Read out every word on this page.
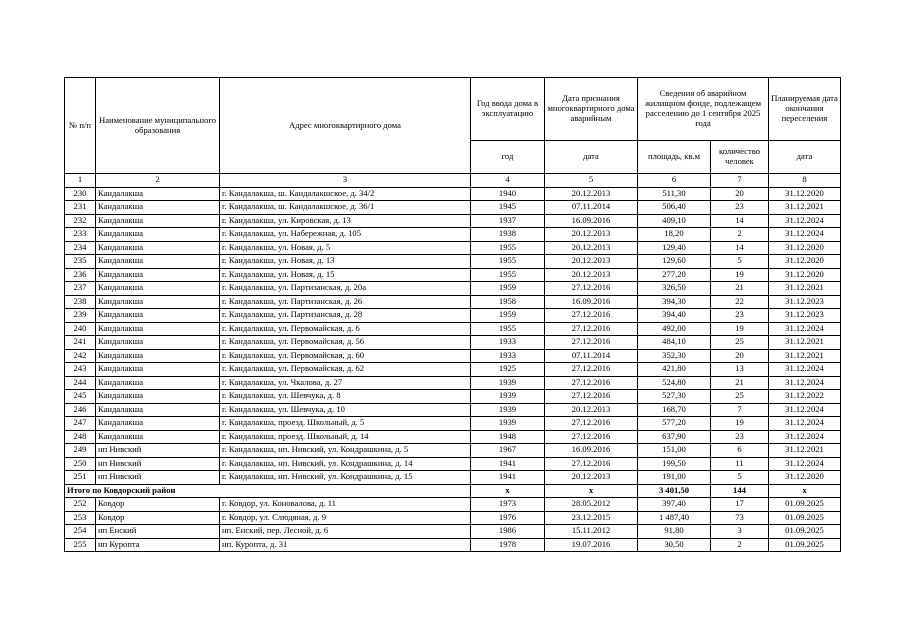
№ п/п	Наименование муниципального образования	Адрес многоквартирного дома	Год ввода дома в эксплуатацию	Дата признания многоквартирного дома аварийным	Сведения об аварийном жилищном фонде, подлежащем расселению до 1 сентября 2025 года		Планируемая дата окончания переселения
			год	дата	площадь, кв.м	количество человек	дата
1	2	3	4	5	6	7	8
230	Кандалакша	г. Кандалакша, ш. Кандалакшское, д. 34/2	1940	20.12.2013	511,30	20	31.12.2020
231	Кандалакша	г. Кандалакша, ш. Кандалакшское, д. 36/1	1945	07.11.2014	506,40	23	31.12.2021
232	Кандалакша	г. Кандалакша, ул. Кировская, д. 13	1937	16.09.2016	409,10	14	31.12.2024
233	Кандалакша	г. Кандалакша, ул. Набережная, д. 105	1938	20.12.2013	18,20	2	31.12.2024
234	Кандалакша	г. Кандалакша, ул. Новая, д. 5	1955	20.12.2013	129,40	14	31.12.2020
235	Кандалакша	г. Кандалакша, ул. Новая, д. 13	1955	20.12.2013	129,60	5	31.12.2020
236	Кандалакша	г. Кандалакша, ул. Новая, д. 15	1955	20.12.2013	277,20	19	31.12.2020
237	Кандалакша	г. Кандалакша, ул. Партизанская, д. 20а	1959	27.12.2016	326,50	21	31.12.2021
238	Кандалакша	г. Кандалакша, ул. Партизанская, д. 26	1958	16.09.2016	394,30	22	31.12.2023
239	Кандалакша	г. Кандалакша, ул. Партизанская, д. 28	1959	27.12.2016	394,40	23	31.12.2023
240	Кандалакша	г. Кандалакша, ул. Первомайская, д. 6	1955	27.12.2016	492,00	19	31.12.2024
241	Кандалакша	г. Кандалакша, ул. Первомайская, д. 56	1933	27.12.2016	484,10	25	31.12.2021
242	Кандалакша	г. Кандалакша, ул. Первомайская, д. 60	1933	07.11.2014	352,30	20	31.12.2021
243	Кандалакша	г. Кандалакша, ул. Первомайская, д. 62	1925	27.12.2016	421,80	13	31.12.2024
244	Кандалакша	г. Кандалакша, ул. Чкалова, д. 27	1939	27.12.2016	524,80	21	31.12.2024
245	Кандалакша	г. Кандалакша, ул. Шевчука, д. 8	1939	27.12.2016	527,30	25	31.12.2022
246	Кандалакша	г. Кандалакша, ул. Шевчука, д. 10	1939	20.12.2013	168,70	7	31.12.2024
247	Кандалакша	г. Кандалакша, проезд. Школьный, д. 5	1939	27.12.2016	577,20	19	31.12.2024
248	Кандалакша	г. Кандалакша, проезд. Школьный, д. 14	1948	27.12.2016	637,90	23	31.12.2024
249	нп Нивский	г. Кандалакша, нп. Нивский, ул. Кондрашкина, д. 5	1967	16.09.2016	151,00	6	31.12.2021
250	нп Нивский	г. Кандалакша, нп. Нивский, ул. Кондрашкина, д. 14	1941	27.12.2016	199,50	11	31.12.2024
251	нп Нивский	г. Кандалакша, нп. Нивский, ул. Кондрашкина, д. 15	1941	20.12.2013	191,00	5	31.12.2020
Итого по Ковдорский район			х	х	3 401,50	144	х
252	Ковдор	г. Ковдор, ул. Коновалова, д. 11	1973	28.05.2012	397,40	17	01.09.2025
253	Ковдор	г. Ковдор, ул. Слюдяная, д. 9	1976	23.12.2015	1 487,40	73	01.09.2025
254	нп Енский	нп. Енский, пер. Лесной, д. 6	1986	15.11.2012	91,80	3	01.09.2025
255	нп Куропта	нп. Куропта, д. 31	1978	19.07.2016	30,50	2	01.09.2025
